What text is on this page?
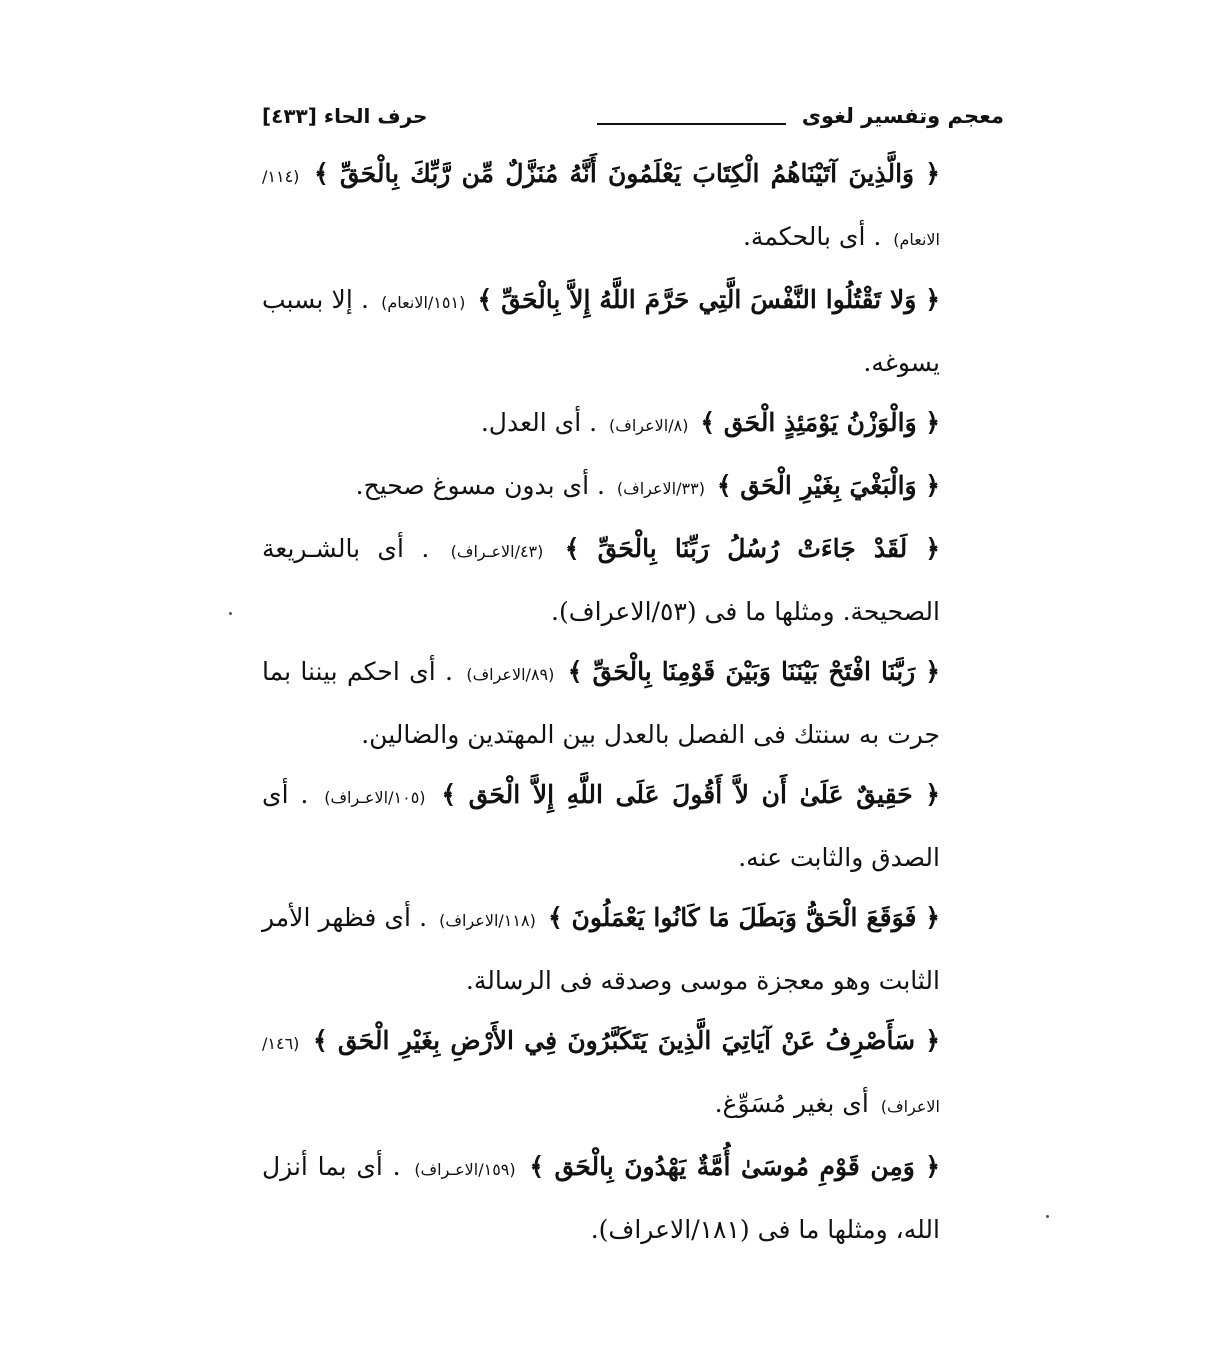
معجم وتفسير لغوى
حرف الحاء [٤٣٣]

﴿ وَالَّذِينَ آتَيْنَاهُمُ الْكِتَابَ يَعْلَمُونَ أَنَّهُ مُنَزَّلٌ مِّن رَّبِّكَ بِالْحَقِّ ﴾ (١١٤/الانعام) . أى بالحكمة.

﴿ وَلا تَقْتُلُوا النَّفْسَ الَّتِي حَرَّمَ اللَّهُ إِلاَّ بِالْحَقِّ ﴾ (١٥١/الانعام) . إلا بسبب يسوغه.

﴿ وَالْوَزْنُ يَوْمَئِذٍ الْحَق ﴾ (٨/الاعراف) . أى العدل.

﴿ وَالْبَغْيَ بِغَيْرِ الْحَق ﴾ (٣٣/الاعراف) . أى بدون مسوغ صحيح.

﴿ لَقَدْ جَاءَتْ رُسُلُ رَبِّنَا بِالْحَقِّ ﴾ (٤٣/الاعـراف) . أى بالشـريعة الصحيحة. ومثلها ما فى (٥٣/الاعراف).

﴿ رَبَّنَا افْتَحْ بَيْنَنَا وَبَيْنَ قَوْمِنَا بِالْحَقِّ ﴾ (٨٩/الاعراف) . أى احكم بيننا بما جرت به سنتك فى الفصل بالعدل بين المهتدين والضالين.

﴿ حَقِيقٌ عَلَىٰ أَن لاَّ أَقُولَ عَلَى اللَّهِ إِلاَّ الْحَق ﴾ (١٠٥/الاعـراف) . أى الصدق والثابت عنه.

﴿ فَوَقَعَ الْحَقُّ وَبَطَلَ مَا كَانُوا يَعْمَلُونَ ﴾ (١١٨/الاعراف) . أى فظهر الأمر الثابت وهو معجزة موسى وصدقه فى الرسالة.

﴿ سَأَصْرِفُ عَنْ آيَاتِيَ الَّذِينَ يَتَكَبَّرُونَ فِي الأَرْضِ بِغَيْرِ الْحَق ﴾ (١٤٦/الاعراف) أى بغير مُسَوِّغ.

﴿ وَمِن قَوْمِ مُوسَىٰ أُمَّةٌ يَهْدُونَ بِالْحَق ﴾ (١٥٩/الاعـراف) . أى بما أنزل الله، ومثلها ما فى (١٨١/الاعراف).
